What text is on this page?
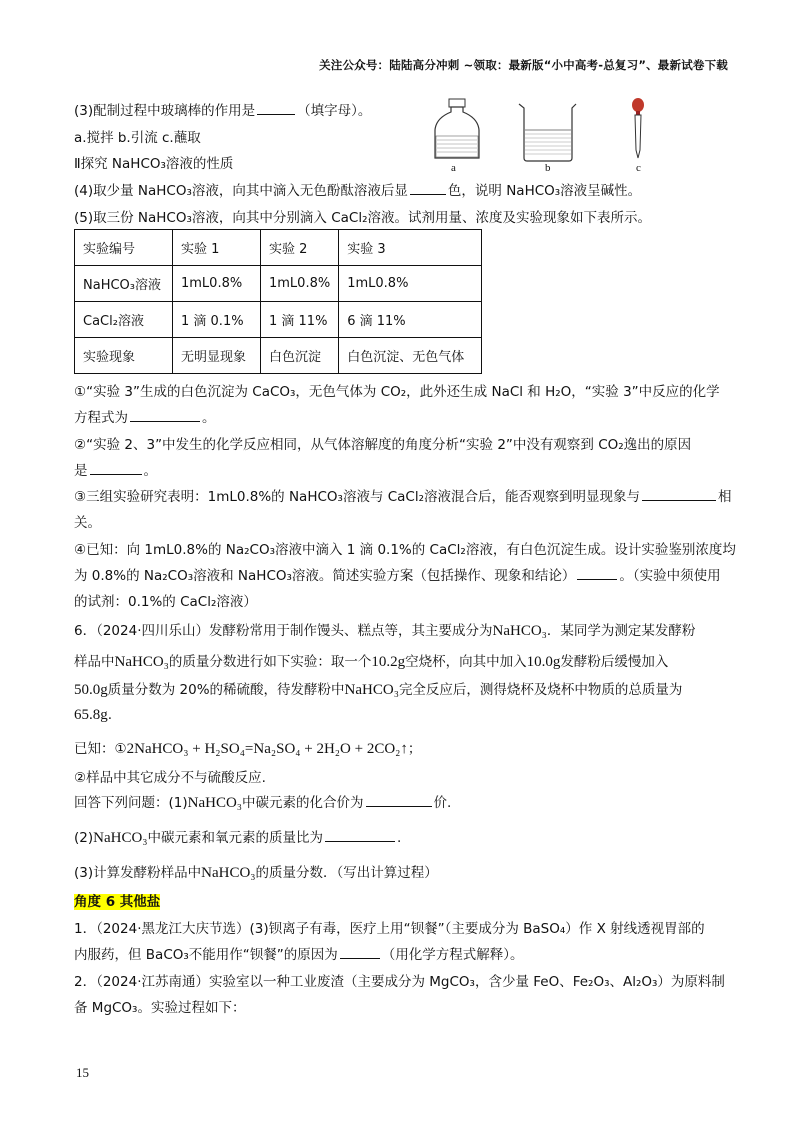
关注公众号：陆陆高分冲刺 ~领取：最新版“小中高考-总复习”、最新试卷下载
(3)配制过程中玻璃棒的作用是	（填字母）。
a.搅拌 b.引流 c.蘸取
Ⅱ探究 NaHCO₃溶液的性质	a	b	c
(4)取少量 NaHCO₃溶液，向其中滴入无色酚酞溶液后显	色，说明 NaHCO₃溶液呈碱性。
(5)取三份 NaHCO₃溶液，向其中分别滴入 CaCl₂溶液。试剂用量、浓度及实验现象如下表所示。
实验编号	实验 1	实验 2	实验 3
NaHCO₃溶液	1mL0.8%	1mL0.8%	1mL0.8%
CaCl₂溶液	1 滴 0.1%	1 滴 11%	6 滴 11%
实验现象	无明显现象	白色沉淀	白色沉淀、无色气体
①“实验 3”生成的白色沉淀为 CaCO₃，无色气体为 CO₂，此外还生成 NaCl 和 H₂O，“实验 3”中反应的化学
方程式为	。
②“实验 2、3”中发生的化学反应相同，从气体溶解度的角度分析“实验 2”中没有观察到 CO₂逸出的原因
是	。
③三组实验研究表明：1mL0.8%的 NaHCO₃溶液与 CaCl₂溶液混合后，能否观察到明显现象与	相
关。
④已知：向 1mL0.8%的 Na₂CO₃溶液中滴入 1 滴 0.1%的 CaCl₂溶液，有白色沉淀生成。设计实验鉴别浓度均
为 0.8%的 Na₂CO₃溶液和 NaHCO₃溶液。简述实验方案（包括操作、现象和结论）	。（实验中须使用
的试剂：0.1%的 CaCl₂溶液）
6．（2024·四川乐山）发酵粉常用于制作馒头、糕点等，其主要成分为NaHCO₃．某同学为测定某发酵粉
样品中NaHCO₃的质量分数进行如下实验：取一个10.2g空烧杯，向其中加入10.0g发酵粉后缓慢加入
50.0g质量分数为 20%的稀硫酸，待发酵粉中NaHCO₃完全反应后，测得烧杯及烧杯中物质的总质量为
65.8g.
已知：①2NaHCO₃ + H₂SO₄=Na₂SO₄ + 2H₂O + 2CO₂↑；
②样品中其它成分不与硫酸反应.
回答下列问题：(1)NaHCO₃中碳元素的化合价为	价.
(2)NaHCO₃中碳元素和氧元素的质量比为	.
(3)计算发酵粉样品中NaHCO₃的质量分数．（写出计算过程）
角度 6 其他盐
1．（2024·黑龙江大庆节选）(3)钡离子有毒，医疗上用“钡餐”（主要成分为 BaSO₄）作 X 射线透视胃部的
内服药，但 BaCO₃不能用作“钡餐”的原因为	（用化学方程式解释）。
2．（2024·江苏南通）实验室以一种工业废渣（主要成分为 MgCO₃，含少量 FeO、Fe₂O₃、Al₂O₃）为原料制
备 MgCO₃。实验过程如下：
15
